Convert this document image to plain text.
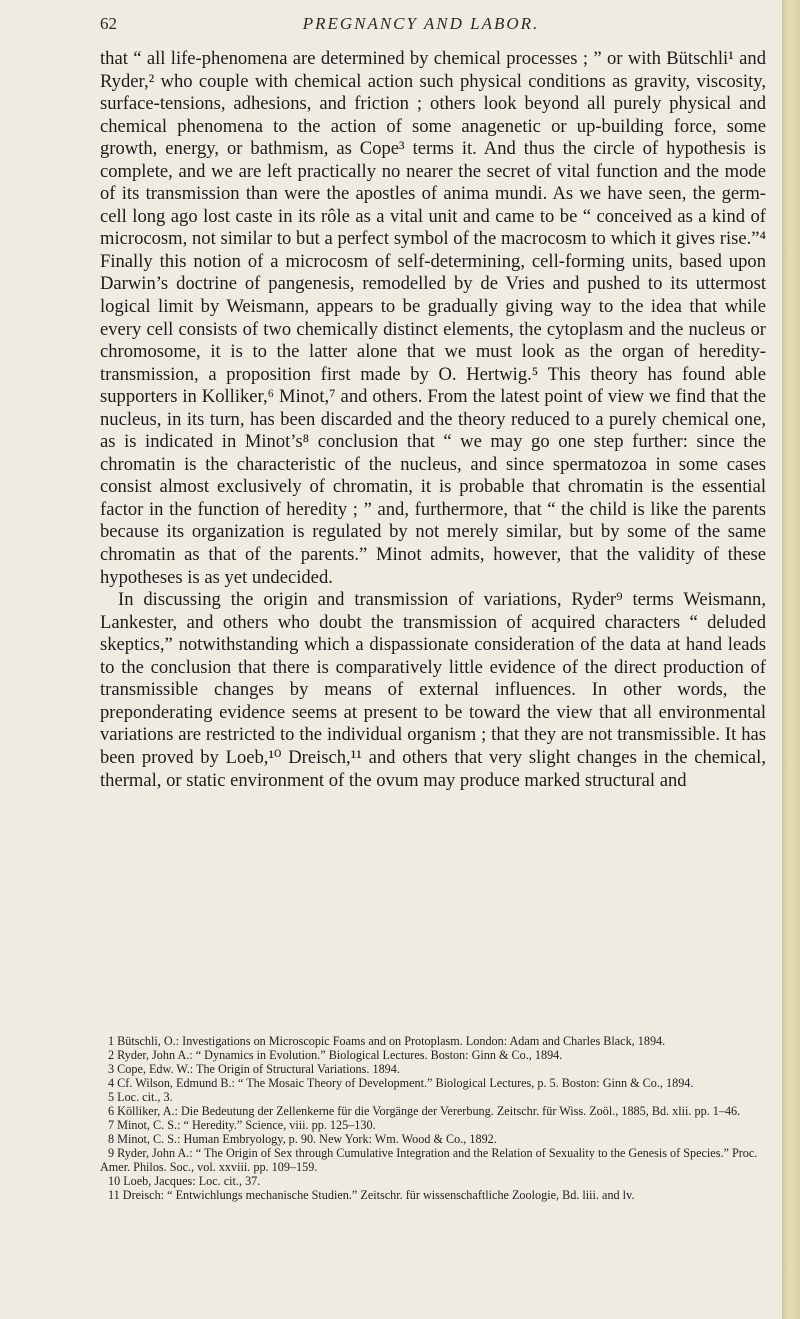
62	PREGNANCY AND LABOR.

that “ all life-phenomena are determined by chemical processes ; ” or with Bütschli¹ and Ryder,² who couple with chemical action such physical conditions as gravity, viscosity, surface-tensions, adhesions, and friction ; others look beyond all purely physical and chemical phenomena to the action of some anagenetic or up-building force, some growth, energy, or bathmism, as Cope³ terms it. And thus the circle of hypothesis is complete, and we are left practically no nearer the secret of vital function and the mode of its transmission than were the apostles of anima mundi. As we have seen, the germ-cell long ago lost caste in its rôle as a vital unit and came to be “ conceived as a kind of microcosm, not similar to but a perfect symbol of the macrocosm to which it gives rise.”⁴ Finally this notion of a microcosm of self-determining, cell-forming units, based upon Darwin’s doctrine of pangenesis, remodelled by de Vries and pushed to its uttermost logical limit by Weismann, appears to be gradually giving way to the idea that while every cell consists of two chemically distinct elements, the cytoplasm and the nucleus or chromosome, it is to the latter alone that we must look as the organ of heredity-transmission, a proposition first made by O. Hertwig.⁵ This theory has found able supporters in Kolliker,⁶ Minot,⁷ and others. From the latest point of view we find that the nucleus, in its turn, has been discarded and the theory reduced to a purely chemical one, as is indicated in Minot’s⁸ conclusion that “ we may go one step further: since the chromatin is the characteristic of the nucleus, and since spermatozoa in some cases consist almost exclusively of chromatin, it is probable that chromatin is the essential factor in the function of heredity ; ” and, furthermore, that “ the child is like the parents because its organization is regulated by not merely similar, but by some of the same chromatin as that of the parents.” Minot admits, however, that the validity of these hypotheses is as yet undecided.

In discussing the origin and transmission of variations, Ryder⁹ terms Weismann, Lankester, and others who doubt the transmission of acquired characters “ deluded skeptics,” notwithstanding which a dispassionate consideration of the data at hand leads to the conclusion that there is comparatively little evidence of the direct production of transmissible changes by means of external influences. In other words, the preponderating evidence seems at present to be toward the view that all environmental variations are restricted to the individual organism ; that they are not transmissible. It has been proved by Loeb,¹⁰ Dreisch,¹¹ and others that very slight changes in the chemical, thermal, or static environment of the ovum may produce marked structural and

1 Bütschli, O.: Investigations on Microscopic Foams and on Protoplasm. London: Adam and Charles Black, 1894.
2 Ryder, John A.: “ Dynamics in Evolution.” Biological Lectures. Boston: Ginn & Co., 1894.
3 Cope, Edw. W.: The Origin of Structural Variations. 1894.
4 Cf. Wilson, Edmund B.: “ The Mosaic Theory of Development.” Biological Lectures, p. 5. Boston: Ginn & Co., 1894.
5 Loc. cit., 3.
6 Kölliker, A.: Die Bedeutung der Zellenkerne für die Vorgänge der Vererbung. Zeitschr. für Wiss. Zoöl., 1885, Bd. xlii. pp. 1–46.
7 Minot, C. S.: “ Heredity.” Science, viii. pp. 125–130.
8 Minot, C. S.: Human Embryology, p. 90. New York: Wm. Wood & Co., 1892.
9 Ryder, John A.: “ The Origin of Sex through Cumulative Integration and the Relation of Sexuality to the Genesis of Species.” Proc. Amer. Philos. Soc., vol. xxviii. pp. 109–159.
10 Loeb, Jacques: Loc. cit., 37.
11 Dreisch: “ Entwichlungs mechanische Studien.” Zeitschr. für wissenschaftliche Zoologie, Bd. liii. and lv.
